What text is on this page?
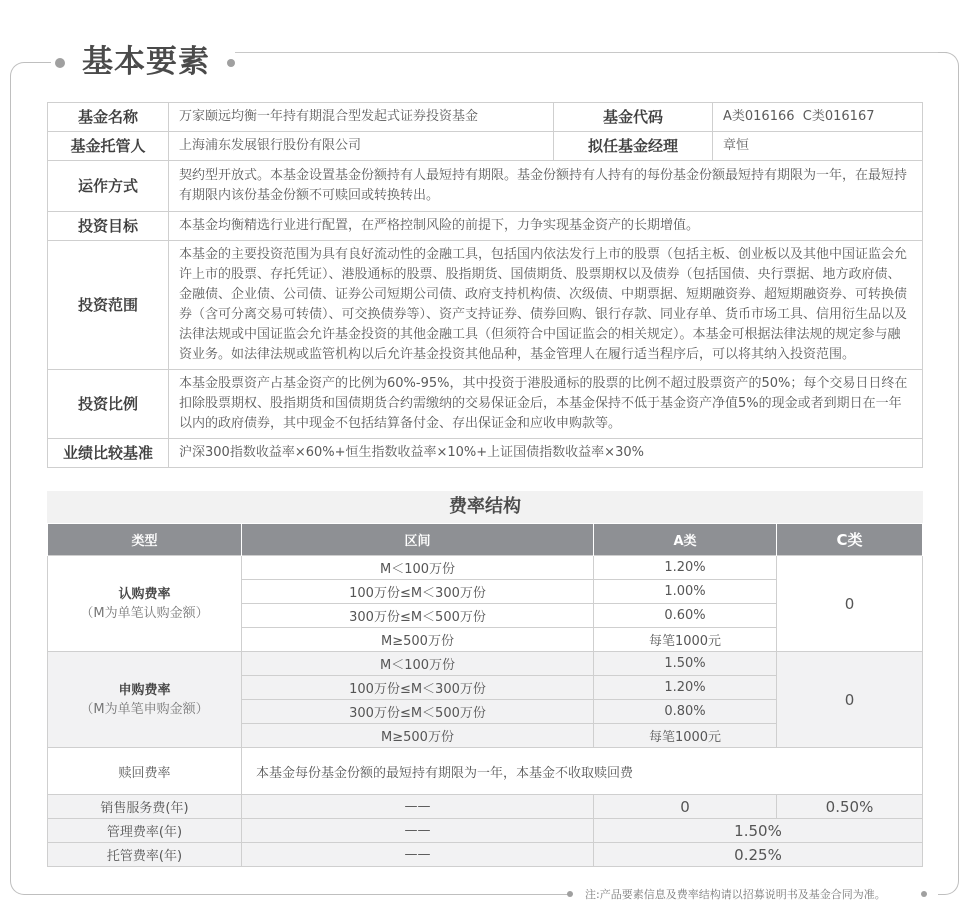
基本要素
基金名称	万家颐远均衡一年持有期混合型发起式证券投资基金	基金代码	A类016166  C类016167
基金托管人	上海浦东发展银行股份有限公司	拟任基金经理	章恒
运作方式	契约型开放式。本基金设置基金份额持有人最短持有期限。基金份额持有人持有的每份基金份额最短持有期限为一年，在最短持有期限内该份基金份额不可赎回或转换转出。		
投资目标	本基金均衡精选行业进行配置，在严格控制风险的前提下，力争实现基金资产的长期增值。		
投资范围	本基金的主要投资范围为具有良好流动性的金融工具，包括国内依法发行上市的股票（包括主板、创业板以及其他中国证监会允许上市的股票、存托凭证）、港股通标的股票、股指期货、国债期货、股票期权以及债券（包括国债、央行票据、地方政府债、金融债、企业债、公司债、证券公司短期公司债、政府支持机构债、次级债、中期票据、短期融资券、超短期融资券、可转换债券（含可分离交易可转债）、可交换债券等）、资产支持证券、债券回购、银行存款、同业存单、货币市场工具、信用衍生品以及法律法规或中国证监会允许基金投资的其他金融工具（但须符合中国证监会的相关规定）。本基金可根据法律法规的规定参与融资业务。如法律法规或监管机构以后允许基金投资其他品种，基金管理人在履行适当程序后，可以将其纳入投资范围。		
投资比例	本基金股票资产占基金资产的比例为60%-95%，其中投资于港股通标的股票的比例不超过股票资产的50%；每个交易日日终在扣除股票期权、股指期货和国债期货合约需缴纳的交易保证金后，本基金保持不低于基金资产净值5%的现金或者到期日在一年以内的政府债券，其中现金不包括结算备付金、存出保证金和应收申购款等。		
业绩比较基准	沪深300指数收益率×60%+恒生指数收益率×10%+上证国债指数收益率×30%		
费率结构
类型	区间	A类	C类

认购费率
（M为单笔认购金额）	M＜100万份	1.20%	0
	100万份≤M＜300万份	1.00%	
	300万份≤M＜500万份	0.60%	
	M≥500万份	每笔1000元	

申购费率
（M为单笔申购金额）	M＜100万份	1.50%	0
	100万份≤M＜300万份	1.20%	
	300万份≤M＜500万份	0.80%	
	M≥500万份	每笔1000元	
赎回费率	本基金每份基金份额的最短持有期限为一年，本基金不收取赎回费		
销售服务费(年)	——	0	0.50%
管理费率(年)	——	1.50%	
托管费率(年)	——	0.25%	
注:产品要素信息及费率结构请以招募说明书及基金合同为准。
